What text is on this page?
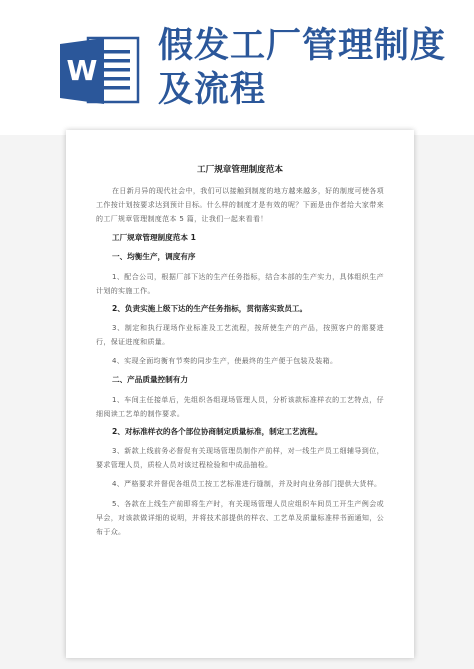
W
假发工厂管理制度及流程

工厂规章管理制度范本

在日新月异的现代社会中，我们可以接触到制度的地方越来越多，好的制度可使各项工作按计划按要求达到预计目标。什么样的制度才是有效的呢？下面是由作者给大家带来的工厂规章管理制度范本 5 篇，让我们一起来看看！

工厂规章管理制度范本 1

一、均衡生产，调度有序

1、配合公司，根据厂部下达的生产任务指标，结合本部的生产实力，具体组织生产计划的实施工作。

2、负责实施上级下达的生产任务指标，贯彻落实致员工。

3、制定和执行现场作业标准及工艺流程，按所使生产的产品，按照客户的需要进行，保证进度和质量。

4、实现全面均衡有节奏的同步生产，使最终的生产便于包装及装箱。

二、产品质量控制有力

1、车间主任接单后，先组织各组现场管理人员，分析该款标准样衣的工艺特点，仔细阅读工艺单的制作要求。

2、对标准样衣的各个部位协商制定质量标准，制定工艺流程。

3、新款上线前务必督促有关现场管理员制作产前样，对一线生产员工细辅导到位，要求管理人员，质检人员对该过程检验和中成品抽检。

4、严格要求并督促各组员工按工艺标准进行缝制，并及时向业务部门提供大货样。

5、各款在上线生产前即将生产时，有关现场管理人员应组织车间员工开生产例会或早会，对该款做详细的说明，并将技术部提供的样衣、工艺单及质量标准样书面通知，公布于众。
